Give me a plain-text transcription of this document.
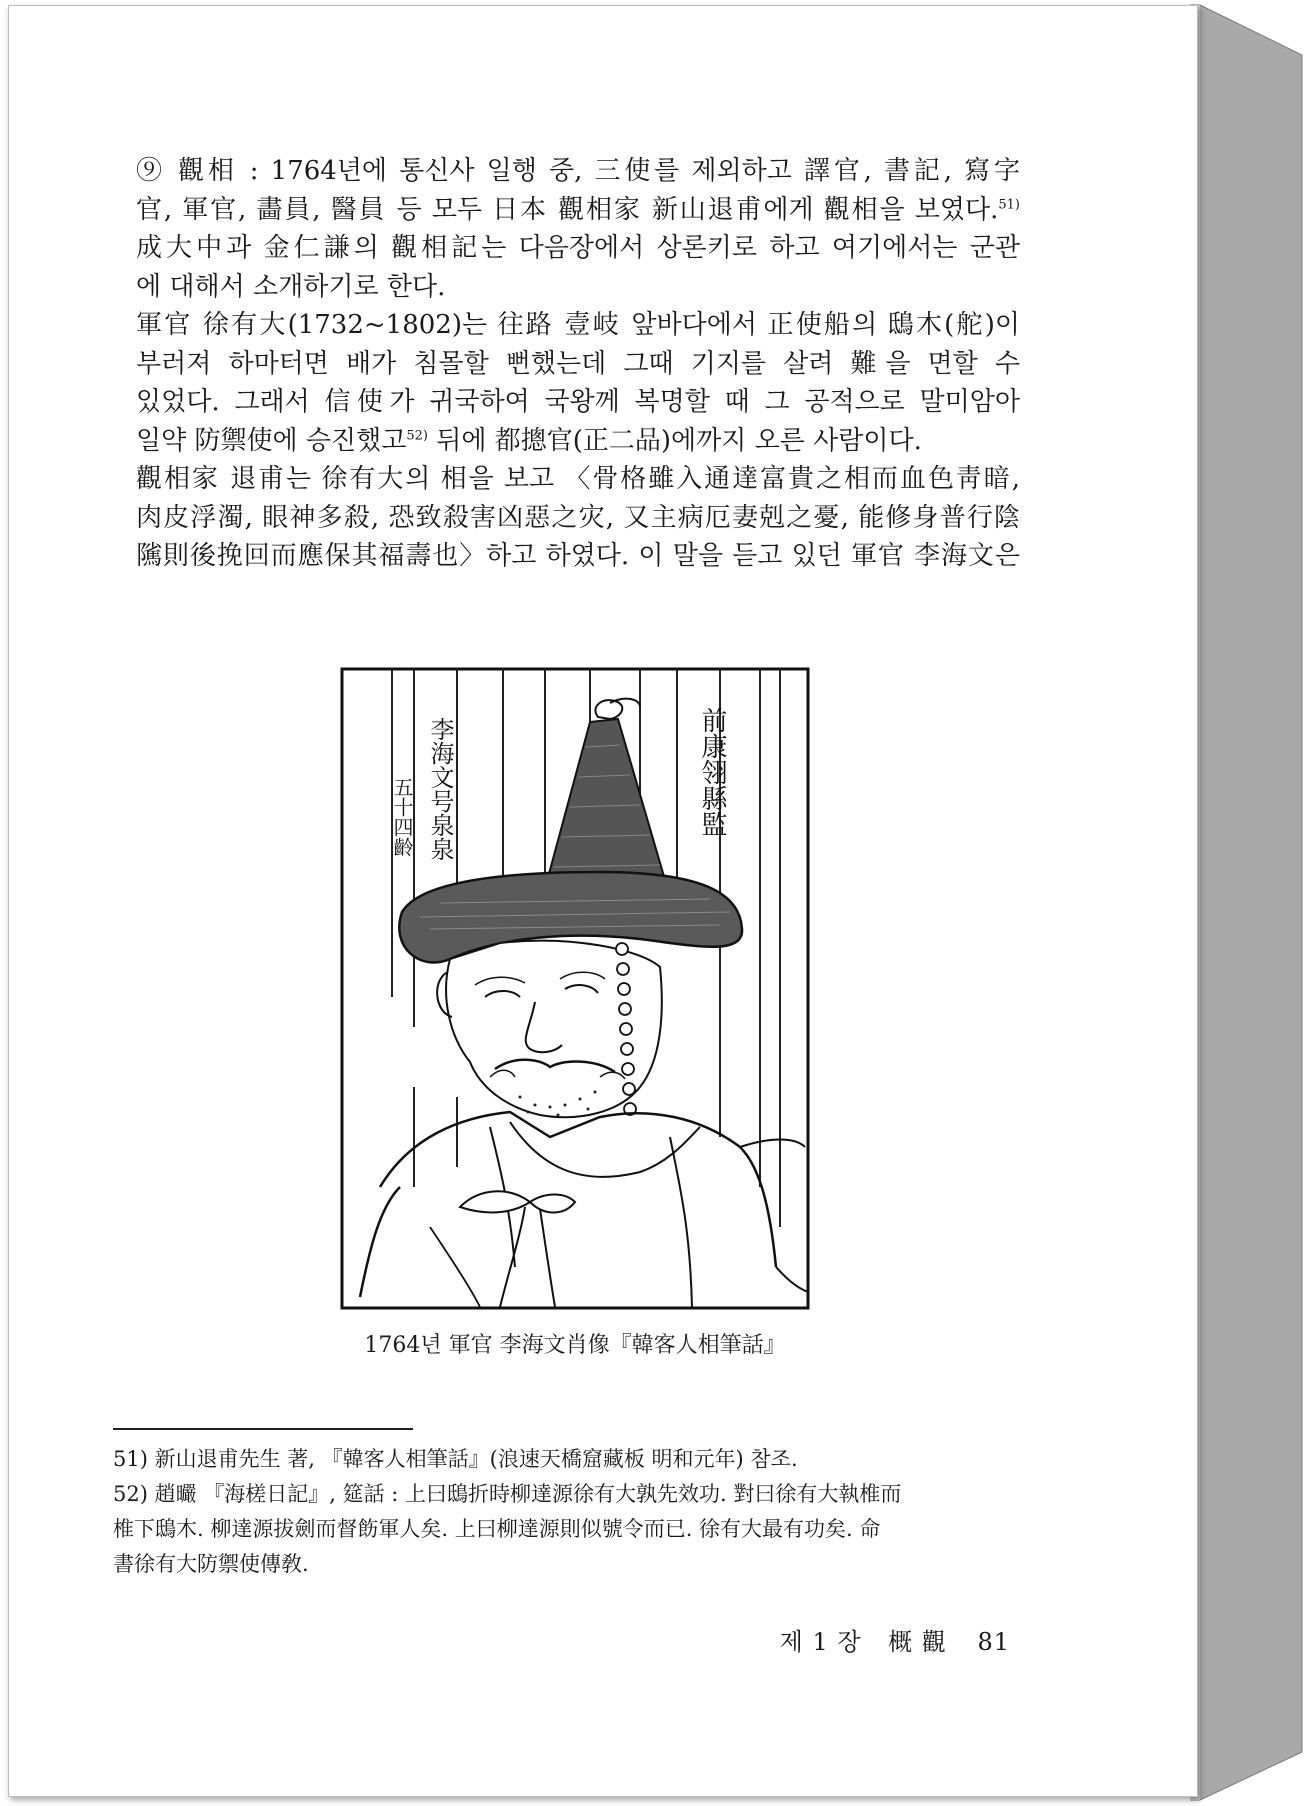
⑨ 觀相 : 1764년에 통신사 일행 중, 三使를 제외하고 譯官, 書記, 寫字
官, 軍官, 畵員, 醫員 등 모두 日本 觀相家 新山退甫에게 觀相을 보였다.$^{51)}$
成大中과 金仁謙의 觀相記는 다음장에서 상론키로 하고 여기에서는 군관
에 대해서 소개하기로 한다.

軍官 徐有大(1732~1802)는 往路 壹岐 앞바다에서 正使船의 鴟木(舵)이
부러져 하마터면 배가 침몰할 뻔했는데 그때 기지를 살려 難을 면할 수
있었다. 그래서 信使가 귀국하여 국왕께 복명할 때 그 공적으로 말미암아
일약 防禦使에 승진했고$^{52)}$ 뒤에 都摠官(正二品)에까지 오른 사람이다.

觀相家 退甫는 徐有大의 相을 보고 〈骨格雖入通達富貴之相而血色靑暗,
肉皮浮濁, 眼神多殺, 恐致殺害凶惡之灾, 又主病厄妻剋之憂, 能修身普行陰
隲則後挽回而應保其福壽也〉하고 하였다. 이 말을 듣고 있던 軍官 李海文은

前康翎縣監
李海文号泉泉
五十四齡
1764년 軍官 李海文肖像『韓客人相筆話』

51) 新山退甫先生 著, 『韓客人相筆話』(浪速天橋窟藏板 明和元年) 참조.

52) 趙曮 『海槎日記』, 筵話 : 上曰鴟折時柳達源徐有大孰先效功. 對曰徐有大執椎而
椎下鴟木. 柳達源拔劍而督飭軍人矣. 上曰柳達源則似號令而已. 徐有大最有功矣. 命
書徐有大防禦使傳敎.

제 1 장 概 觀 81
